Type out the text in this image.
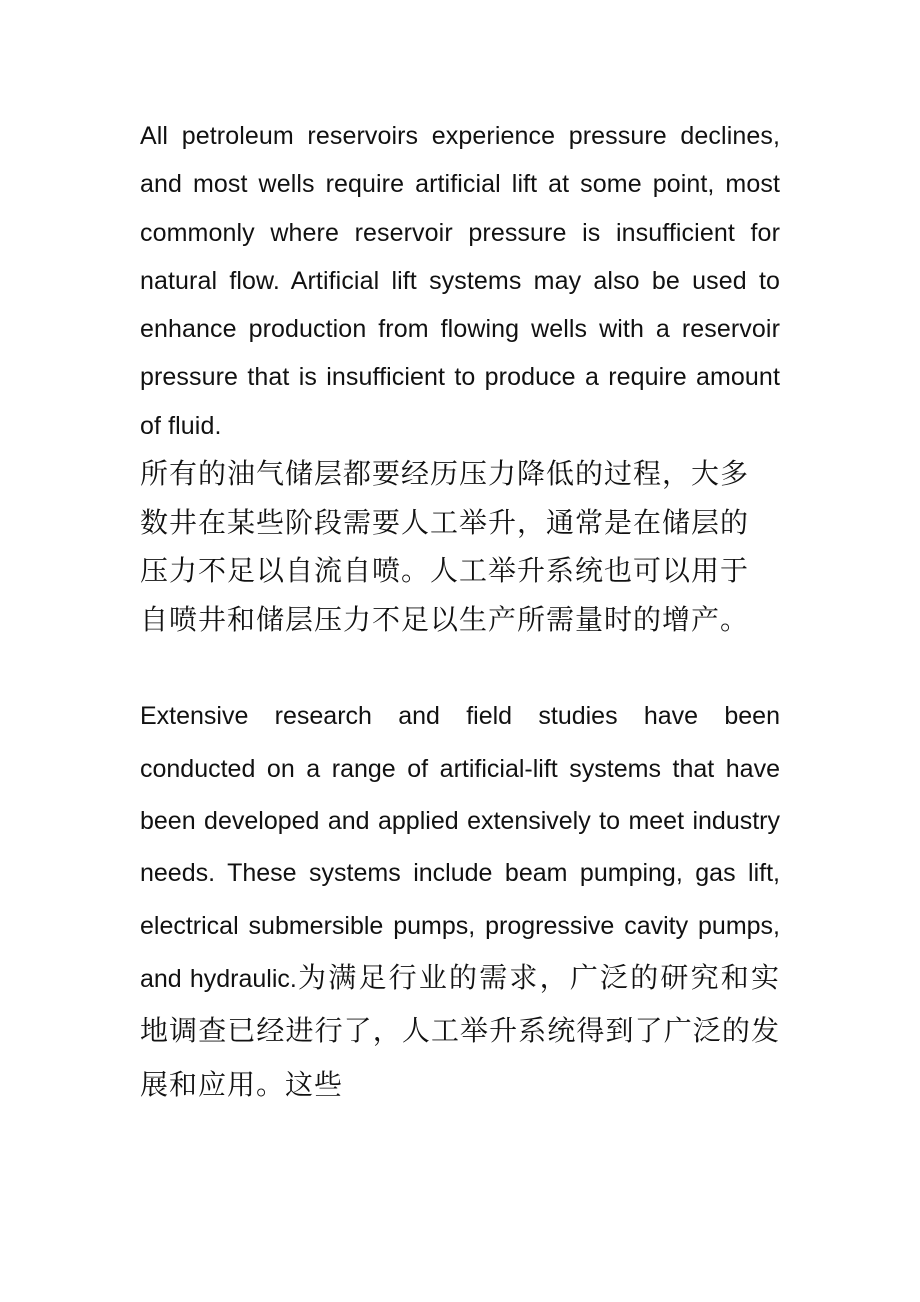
All petroleum reservoirs experience pressure declines, and most wells require artificial lift at some point, most commonly where reservoir pressure is insufficient for natural flow. Artificial lift systems may also be used to enhance production from flowing wells with a reservoir pressure that is insufficient to produce a require amount of fluid.

所有的油气储层都要经历压力降低的过程，大多数井在某些阶段需要人工举升，通常是在储层的压力不足以自流自喷。人工举升系统也可以用于自喷井和储层压力不足以生产所需量时的增产。

Extensive research and field studies have been conducted on a range of artificial-lift systems that have been developed and applied extensively to meet industry needs. These systems include beam pumping, gas lift, electrical submersible pumps, progressive cavity pumps, and hydraulic.为满足行业的需求，广泛的研究和实地调查已经进行了，人工举升系统得到了广泛的发展和应用。这些
